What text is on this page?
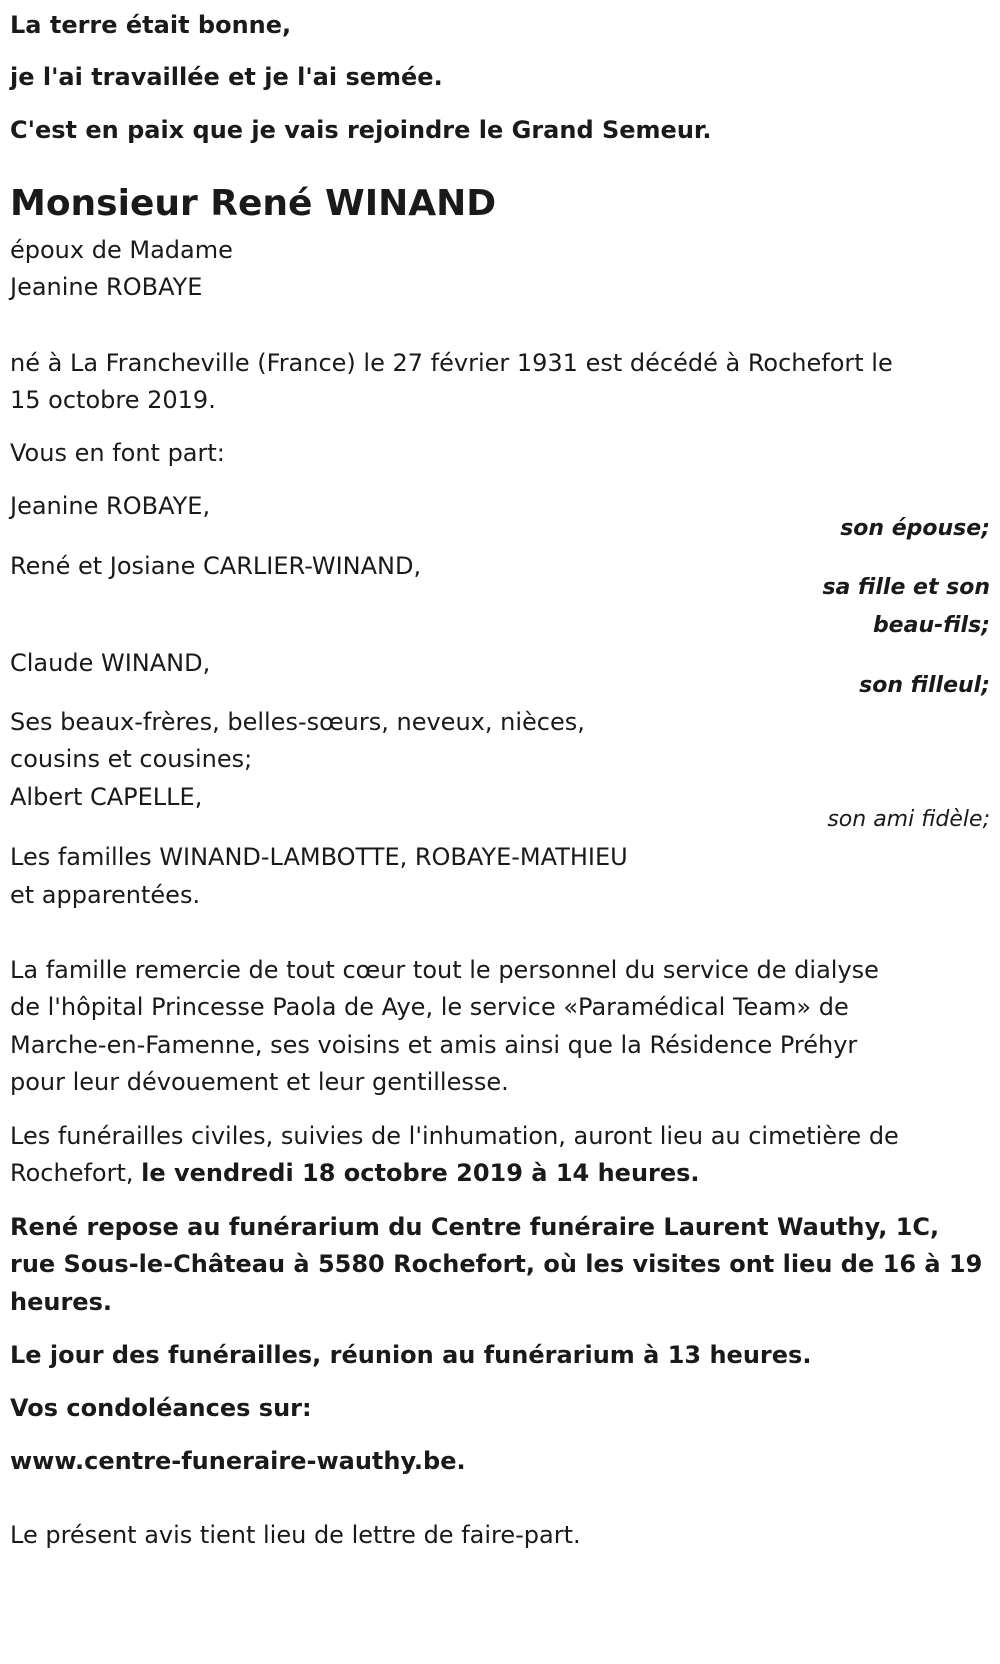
La terre était bonne,

je l'ai travaillée et je l'ai semée.

C'est en paix que je vais rejoindre le Grand Semeur.

Monsieur René WINAND

époux de Madame

Jeanine ROBAYE

né à La Francheville (France) le 27 février 1931 est décédé à Rochefort le

15 octobre 2019.

Vous en font part:

Jeanine ROBAYE,

son épouse;

René et Josiane CARLIER-WINAND,

sa fille et son

beau-fils;

Claude WINAND,

son filleul;

Ses beaux-frères, belles-sœurs, neveux, nièces,

cousins et cousines;

Albert CAPELLE,

son ami fidèle;

Les familles WINAND-LAMBOTTE, ROBAYE-MATHIEU

et apparentées.

La famille remercie de tout cœur tout le personnel du service de dialyse

de l'hôpital Princesse Paola de Aye, le service «Paramédical Team» de

Marche-en-Famenne, ses voisins et amis ainsi que la Résidence Préhyr

pour leur dévouement et leur gentillesse.

Les funérailles civiles, suivies de l'inhumation, auront lieu au cimetière de

Rochefort, le vendredi 18 octobre 2019 à 14 heures.

René repose au funérarium du Centre funéraire Laurent Wauthy, 1C,

rue Sous-le-Château à 5580 Rochefort, où les visites ont lieu de 16 à 19

heures.

Le jour des funérailles, réunion au funérarium à 13 heures.

Vos condoléances sur:

www.centre-funeraire-wauthy.be.

Le présent avis tient lieu de lettre de faire-part.
